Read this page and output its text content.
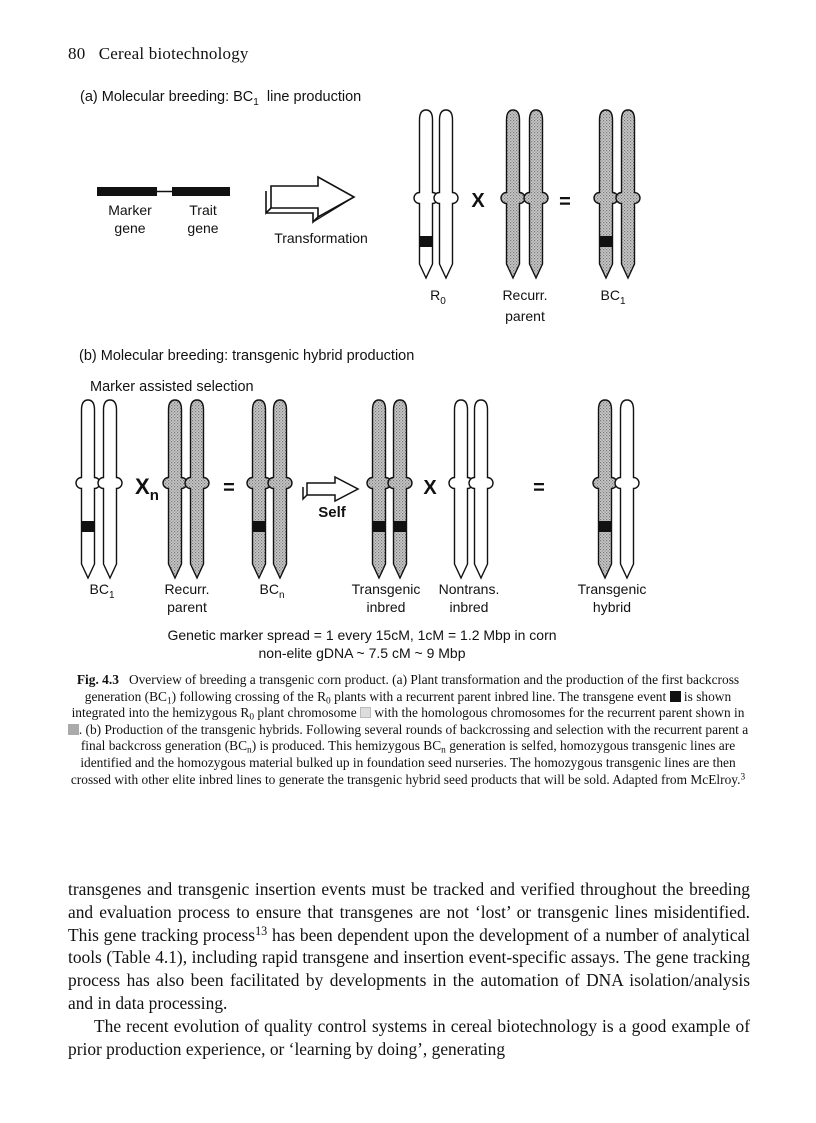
80 Cereal biotechnology
(a) Molecular breeding: $BC_1$  line production
Marker
gene
Trait
gene
Transformation
X	=
$R_0$	Recurr.
parent
$BC_1$
(b) Molecular breeding: transgenic hybrid production
Marker assisted selection
$X_n$	=
Self
X	=
$BC_1$	Recurr.
parent
$BC_n$	Transgenic
inbred
Nontrans.
inbred
Transgenic
hybrid
Genetic marker spread = 1 every 15cM, 1cM = 1.2 Mbp in corn
non-elite gDNA ~ 7.5 cM ~ 9 Mbp
Fig. 4.3 Overview of breeding a transgenic corn product. (a) Plant transformation and the production of the first backcross generation $(BC_1)$ following crossing of the $R_0$ plants with a recurrent parent inbred line. The transgene event  is shown integrated into the hemizygous $R_0$ plant chromosome  with the homologous chromosomes for the recurrent parent shown in . (b) Production of the transgenic hybrids. Following several rounds of backcrossing and selection with the recurrent parent a final backcross generation $(BC_n)$ is produced. This hemizygous $BC_n$ generation is selfed, homozygous transgenic lines are identified and the homozygous material bulked up in foundation seed nurseries. The homozygous transgenic lines are then crossed with other elite inbred lines to generate the transgenic hybrid seed products that will be sold. Adapted from McElroy.$^3$

transgenes and transgenic insertion events must be tracked and verified throughout the breeding and evaluation process to ensure that transgenes are not ‘lost’ or transgenic lines misidentified. This gene tracking process$^{13}$ has been dependent upon the development of a number of analytical tools (Table 4.1), including rapid transgene and insertion event-specific assays. The gene tracking process has also been facilitated by developments in the automation of DNA isolation/analysis and in data processing.

The recent evolution of quality control systems in cereal biotechnology is a good example of prior production experience, or ‘learning by doing’, generating
